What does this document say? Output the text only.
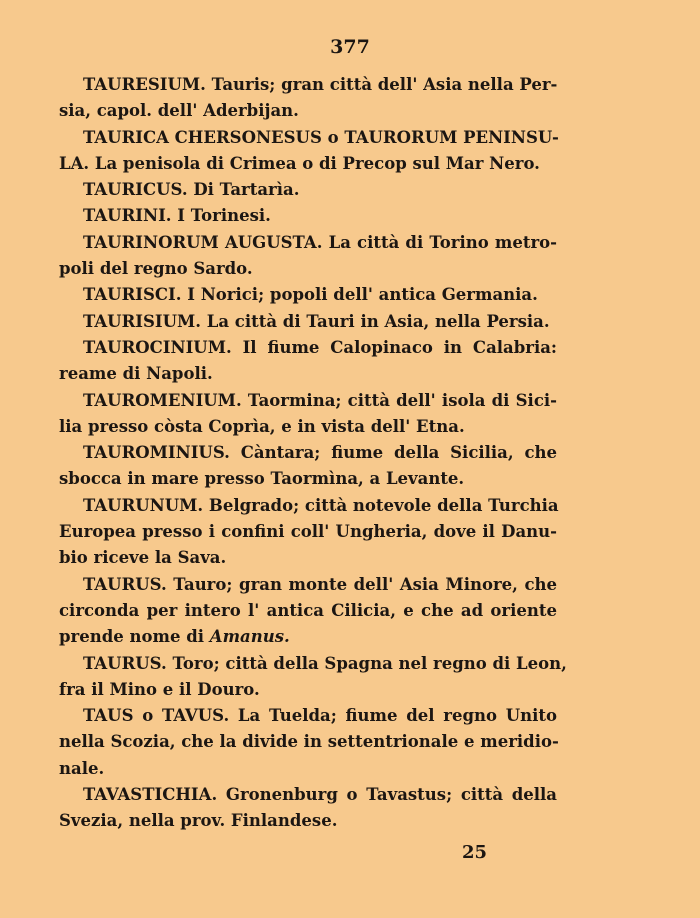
377
TAURESIUM. Tauris; gran città dell' Asia nella Per-
sia, capol. dell' Aderbijan.
TAURICA CHERSONESUS o TAURORUM PENINSU-
LA. La penisola di Crimea o di Precop sul Mar Nero.
TAURICUS. Di Tartarìa.
TAURINI. I Torinesi.
TAURINORUM AUGUSTA. La città di Torino metro-
poli del regno Sardo.
TAURISCI. I Norici; popoli dell' antica Germania.
TAURISIUM. La città di Tauri in Asia, nella Persia.
TAUROCINIUM. Il fiume Calopinaco in Calabria:
reame di Napoli.
TAUROMENIUM. Taormina; città dell' isola di Sici-
lia presso còsta Coprìa, e in vista dell' Etna.
TAUROMINIUS. Càntara; fiume della Sicilia, che
sbocca in mare presso Taormìna, a Levante.
TAURUNUM. Belgrado; città notevole della Turchia
Europea presso i confini coll' Ungheria, dove il Danu-
bio riceve la Sava.
TAURUS. Tauro; gran monte dell' Asia Minore, che
circonda per intero l' antica Cilicia, e che ad oriente
prende nome di Amanus.
TAURUS. Toro; città della Spagna nel regno di Leon,
fra il Mino e il Douro.
TAUS o TAVUS. La Tuelda; fiume del regno Unito
nella Scozia, che la divide in settentrionale e meridio-
nale.
TAVASTICHIA. Gronenburg o Tavastus; città della
Svezia, nella prov. Finlandese.
25
